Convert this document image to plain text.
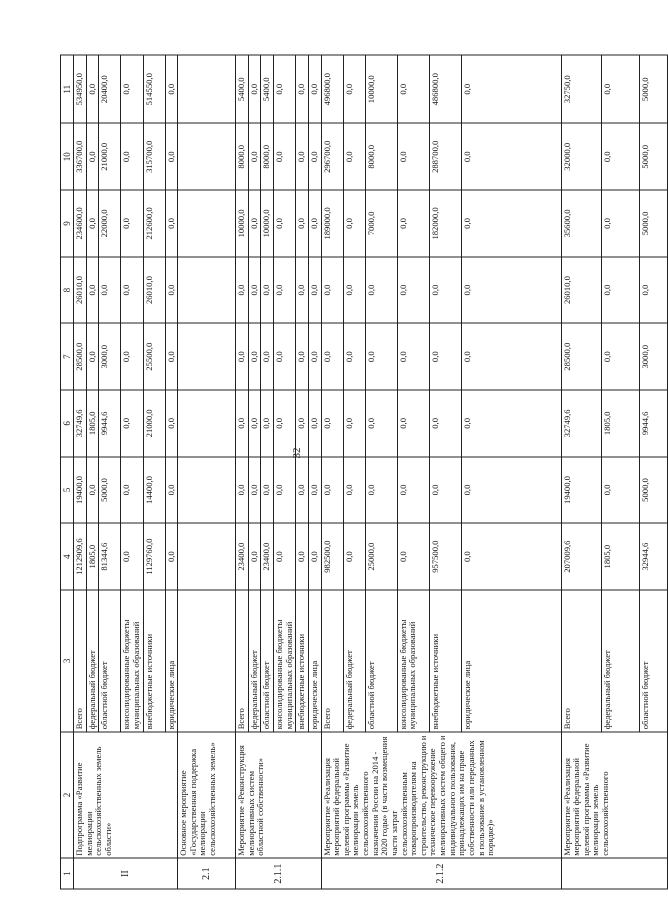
32
1	2	3	4	5	6	7	8	9	10	11
II	Подпрограмма «Развитие мелиорации сельскохозяйственных земель области»	Всего	1212909,6	19400,0	32749,6	28500,0	26010,0	234600,0	336700,0	534950,0
		федеральный бюджет	1805,0	0,0	1805,0	0,0	0,0	0,0	0,0	0,0
		областной бюджет	81344,6	5000,0	9944,6	3000,0	0,0	22000,0	21000,0	20400,0
		консолидированные бюджеты муниципальных образований	0,0	0,0	0,0	0,0	0,0	0,0	0,0	0,0
		внебюджетные источники	1129760,0	14400,0	21000,0	25500,0	26010,0	212600,0	315700,0	514550,0
		юридические лица	0,0	0,0	0,0	0,0	0,0	0,0	0,0	0,0
2.1	Основное мероприятие «Государственная поддержка мелиорации сельскохозяйственных земель»									
2.1.1	Мероприятие «Реконструкция мелиоративных систем областной собственности»	Всего	23400,0	0,0	0,0	0,0	0,0	10000,0	8000,0	5400,0
		федеральный бюджет	0,0	0,0	0,0	0,0	0,0	0,0	0,0	0,0
		областной бюджет	23400,0	0,0	0,0	0,0	0,0	10000,0	8000,0	5400,0
		консолидированные бюджеты муниципальных образований	0,0	0,0	0,0	0,0	0,0	0,0	0,0	0,0
		внебюджетные источники	0,0	0,0	0,0	0,0	0,0	0,0	0,0	0,0
		юридические лица	0,0	0,0	0,0	0,0	0,0	0,0	0,0	0,0
2.1.2	Мероприятие «Реализация мероприятий федеральной целевой программы «Развитие мелиорации земель сельскохозяйственного назначения России на 2014 - 2020 годы» (в части возмещения части затрат сельскохозяйственным товаропроизводителям на строительство, реконструкцию и техническое перевооружение мелиоративных систем общего и индивидуального пользования, принадлежащих им на праве собственности или переданных в пользование в установленном порядке)»	Всего	982500,0	0,0	0,0	0,0	0,0	189000,0	296700,0	496800,0
		федеральный бюджет	0,0	0,0	0,0	0,0	0,0	0,0	0,0	0,0
		областной бюджет	25000,0	0,0	0,0	0,0	0,0	7000,0	8000,0	10000,0
		консолидированные бюджеты муниципальных образований	0,0	0,0	0,0	0,0	0,0	0,0	0,0	0,0
		внебюджетные источники	957500,0	0,0	0,0	0,0	0,0	182000,0	288700,0	486800,0
		юридические лица	0,0	0,0	0,0	0,0	0,0	0,0	0,0	0,0
	Мероприятие «Реализация мероприятий федеральной целевой программы «Развитие мелиорации земель сельскохозяйственного	Всего	207009,6	19400,0	32749,6	28500,0	26010,0	35600,0	32000,0	32750,0
		федеральный бюджет	1805,0	0,0	1805,0	0,0	0,0	0,0	0,0	0,0
		областной бюджет	32944,6	5000,0	9944,6	3000,0	0,0	5000,0	5000,0	5000,0
